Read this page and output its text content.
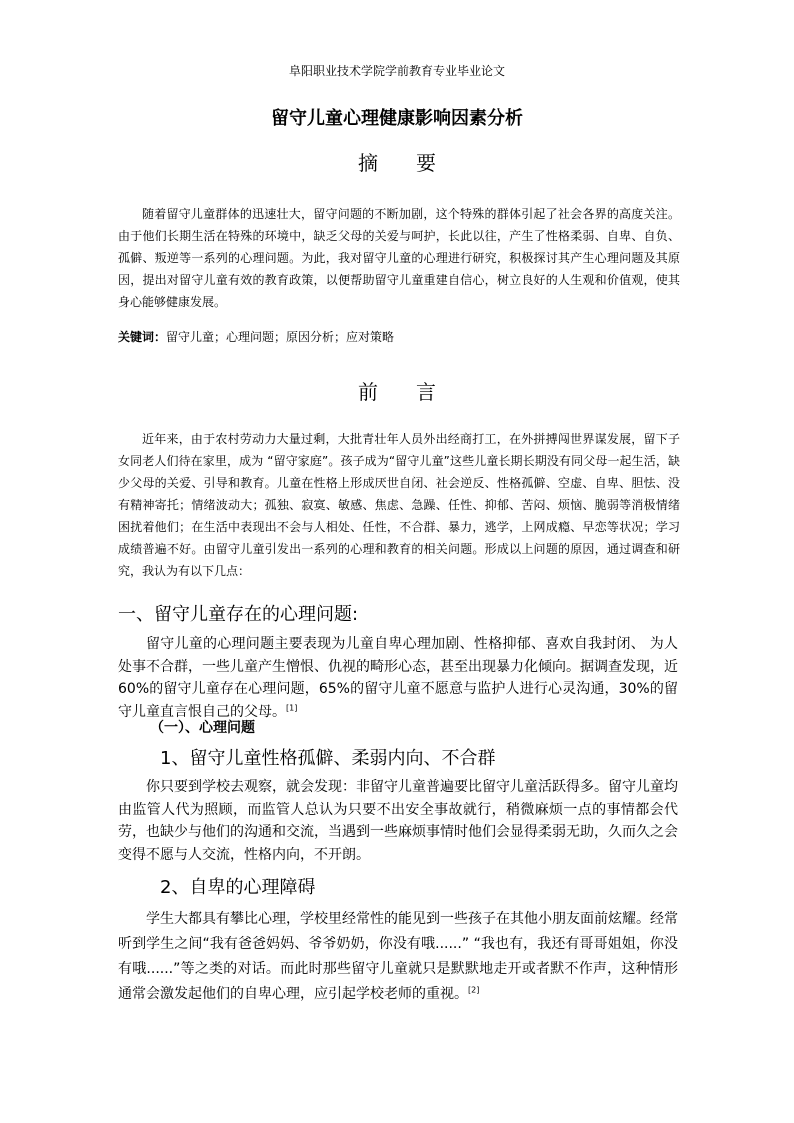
阜阳职业技术学院学前教育专业毕业论文
留守儿童心理健康影响因素分析
摘要
随着留守儿童群体的迅速壮大，留守问题的不断加剧，这个特殊的群体引起了社会各界的高度关注。由于他们长期生活在特殊的环境中，缺乏父母的关爱与呵护，长此以往，产生了性格柔弱、自卑、自负、孤僻、叛逆等一系列的心理问题。为此，我对留守儿童的心理进行研究，积极探讨其产生心理问题及其原因，提出对留守儿童有效的教育政策，以便帮助留守儿童重建自信心，树立良好的人生观和价值观，使其身心能够健康发展。
关键词：留守儿童；心理问题；原因分析；应对策略
前言
近年来，由于农村劳动力大量过剩，大批青壮年人员外出经商打工，在外拼搏闯世界谋发展，留下子女同老人们待在家里，成为 “留守家庭”。孩子成为“留守儿童”这些儿童长期长期没有同父母一起生活，缺少父母的关爱、引导和教育。儿童在性格上形成厌世自闭、社会逆反、性格孤僻、空虚、自卑、胆怯、没有精神寄托；情绪波动大；孤独、寂寞、敏感、焦虑、急躁、任性、抑郁、苦闷、烦恼、脆弱等消极情绪困扰着他们；在生活中表现出不会与人相处、任性，不合群、暴力，逃学，上网成瘾、早恋等状况；学习成绩普遍不好。由留守儿童引发出一系列的心理和教育的相关问题。形成以上问题的原因，通过调查和研究，我认为有以下几点：
一、留守儿童存在的心理问题:
留守儿童的心理问题主要表现为儿童自卑心理加剧、性格抑郁、喜欢自我封闭、 为人处事不合群，一些儿童产生憎恨、仇视的畸形心态，甚至出现暴力化倾向。据调查发现，近60%的留守儿童存在心理问题，65%的留守儿童不愿意与监护人进行心灵沟通，30%的留守儿童直言恨自己的父母。[1]
（一）、心理问题
1、留守儿童性格孤僻、柔弱内向、不合群
你只要到学校去观察，就会发现：非留守儿童普遍要比留守儿童活跃得多。留守儿童均由监管人代为照顾，而监管人总认为只要不出安全事故就行，稍微麻烦一点的事情都会代劳，也缺少与他们的沟通和交流，当遇到一些麻烦事情时他们会显得柔弱无助，久而久之会变得不愿与人交流，性格内向，不开朗。
2、自卑的心理障碍
学生大都具有攀比心理，学校里经常性的能见到一些孩子在其他小朋友面前炫耀。经常听到学生之间“我有爸爸妈妈、爷爷奶奶，你没有哦......” “我也有，我还有哥哥姐姐，你没有哦......”等之类的对话。而此时那些留守儿童就只是默默地走开或者默不作声，这种情形通常会激发起他们的自卑心理，应引起学校老师的重视。[2]
